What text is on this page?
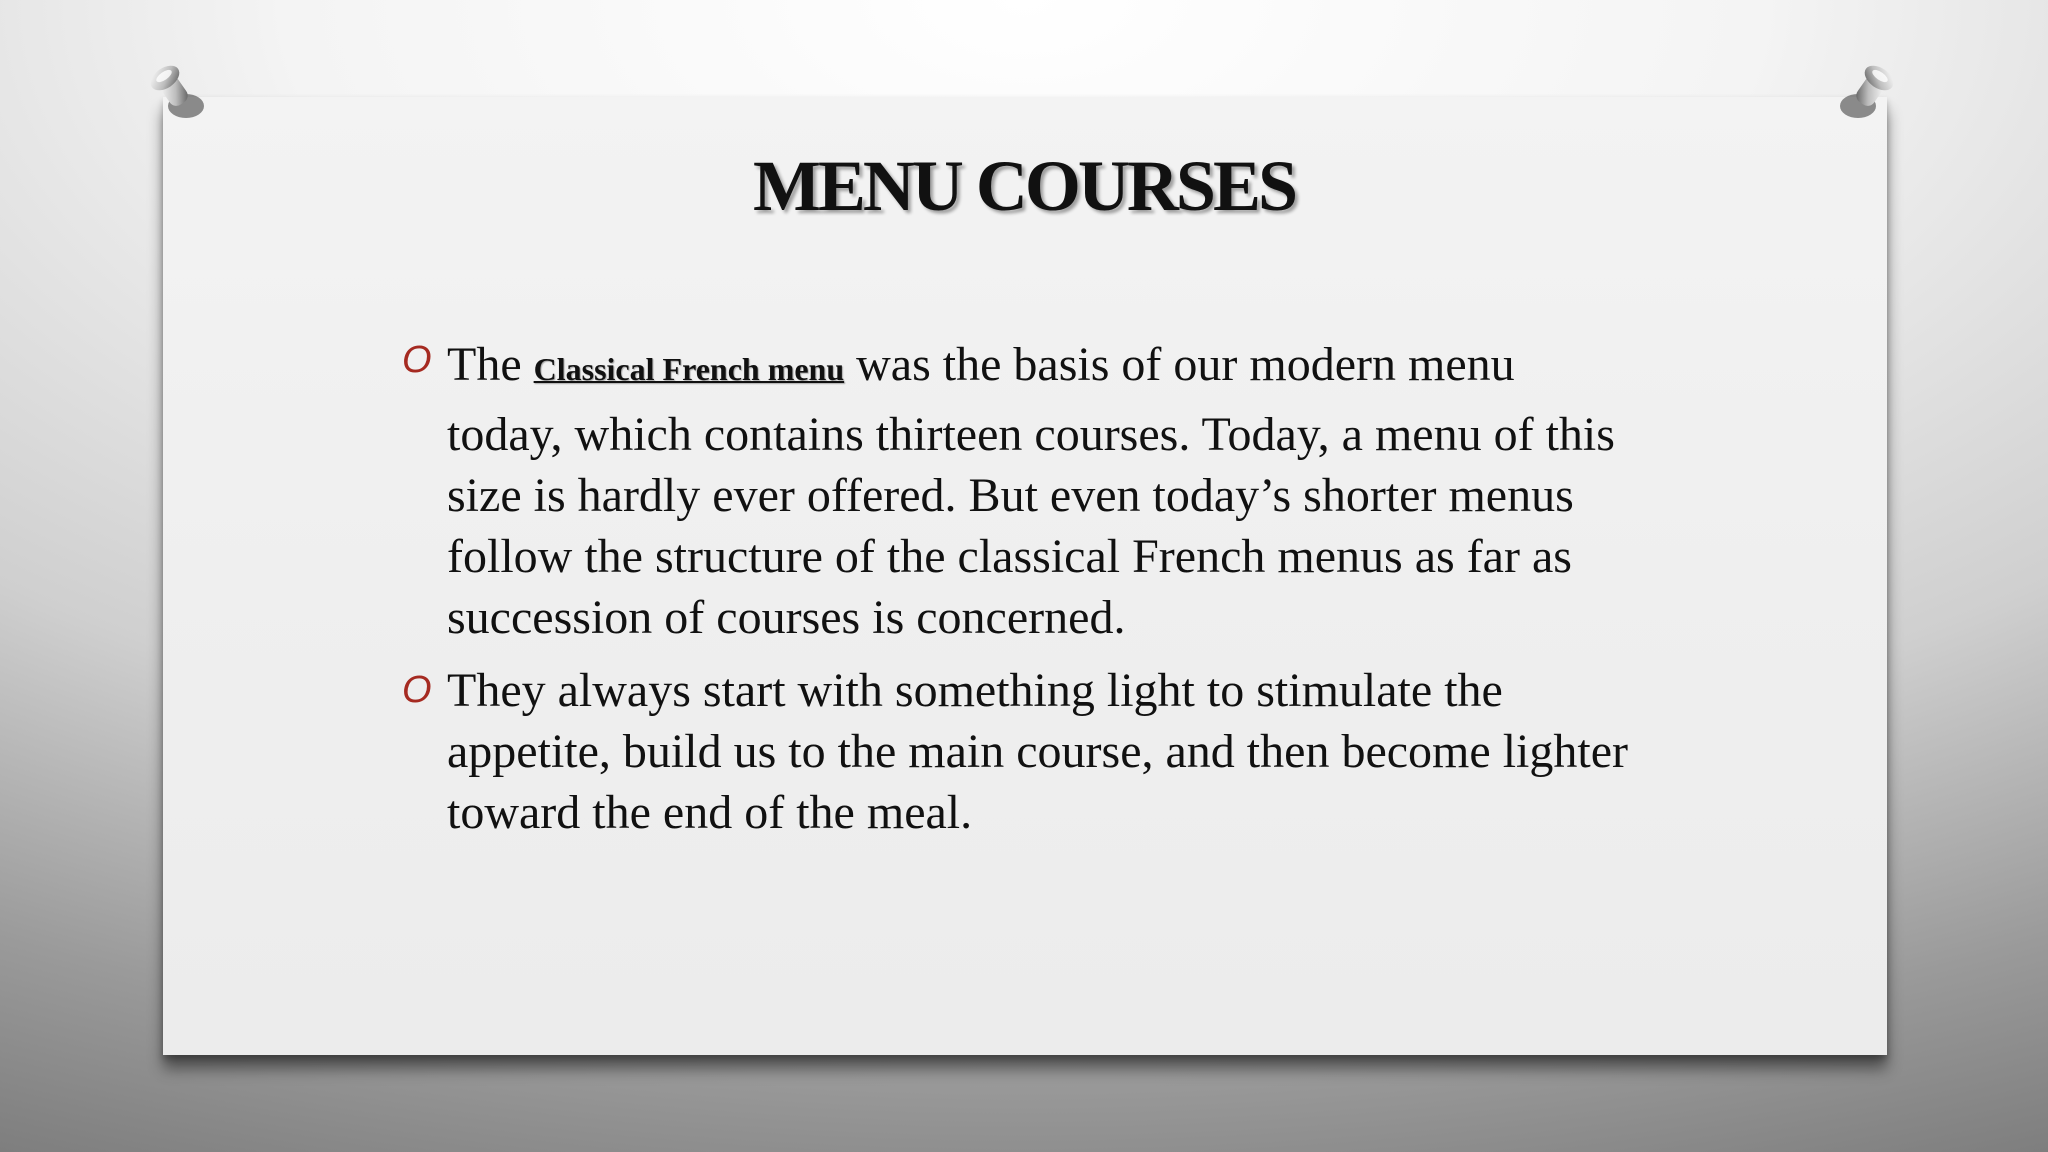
MENU COURSES
O The Classical French menu was the basis of our modern menu
today, which contains thirteen courses. Today, a menu of this size is hardly ever offered. But even today’s shorter menus follow the structure of the classical French menus as far as succession of courses is concerned.
O They always start with something light to stimulate the appetite, build us to the main course, and then become lighter toward the end of the meal.
